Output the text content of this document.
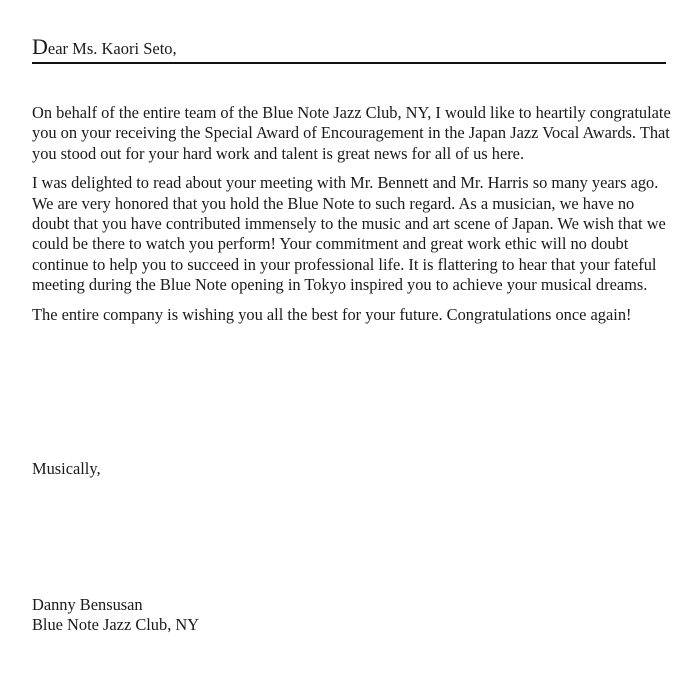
Dear Ms. Kaori Seto,

On behalf of the entire team of the Blue Note Jazz Club, NY, I would like to heartily congratulate you on your receiving the Special Award of Encouragement in the Japan Jazz Vocal Awards. That you stood out for your hard work and talent is great news for all of us here.

I was delighted to read about your meeting with Mr. Bennett and Mr. Harris so many years ago. We are very honored that you hold the Blue Note to such regard. As a musician, we have no doubt that you have contributed immensely to the music and art scene of Japan. We wish that we could be there to watch you perform! Your commitment and great work ethic will no doubt continue to help you to succeed in your professional life. It is flattering to hear that your fateful meeting during the Blue Note opening in Tokyo inspired you to achieve your musical dreams.

The entire company is wishing you all the best for your future. Congratulations once again!

Musically,
Danny Bensusan
Blue Note Jazz Club, NY
